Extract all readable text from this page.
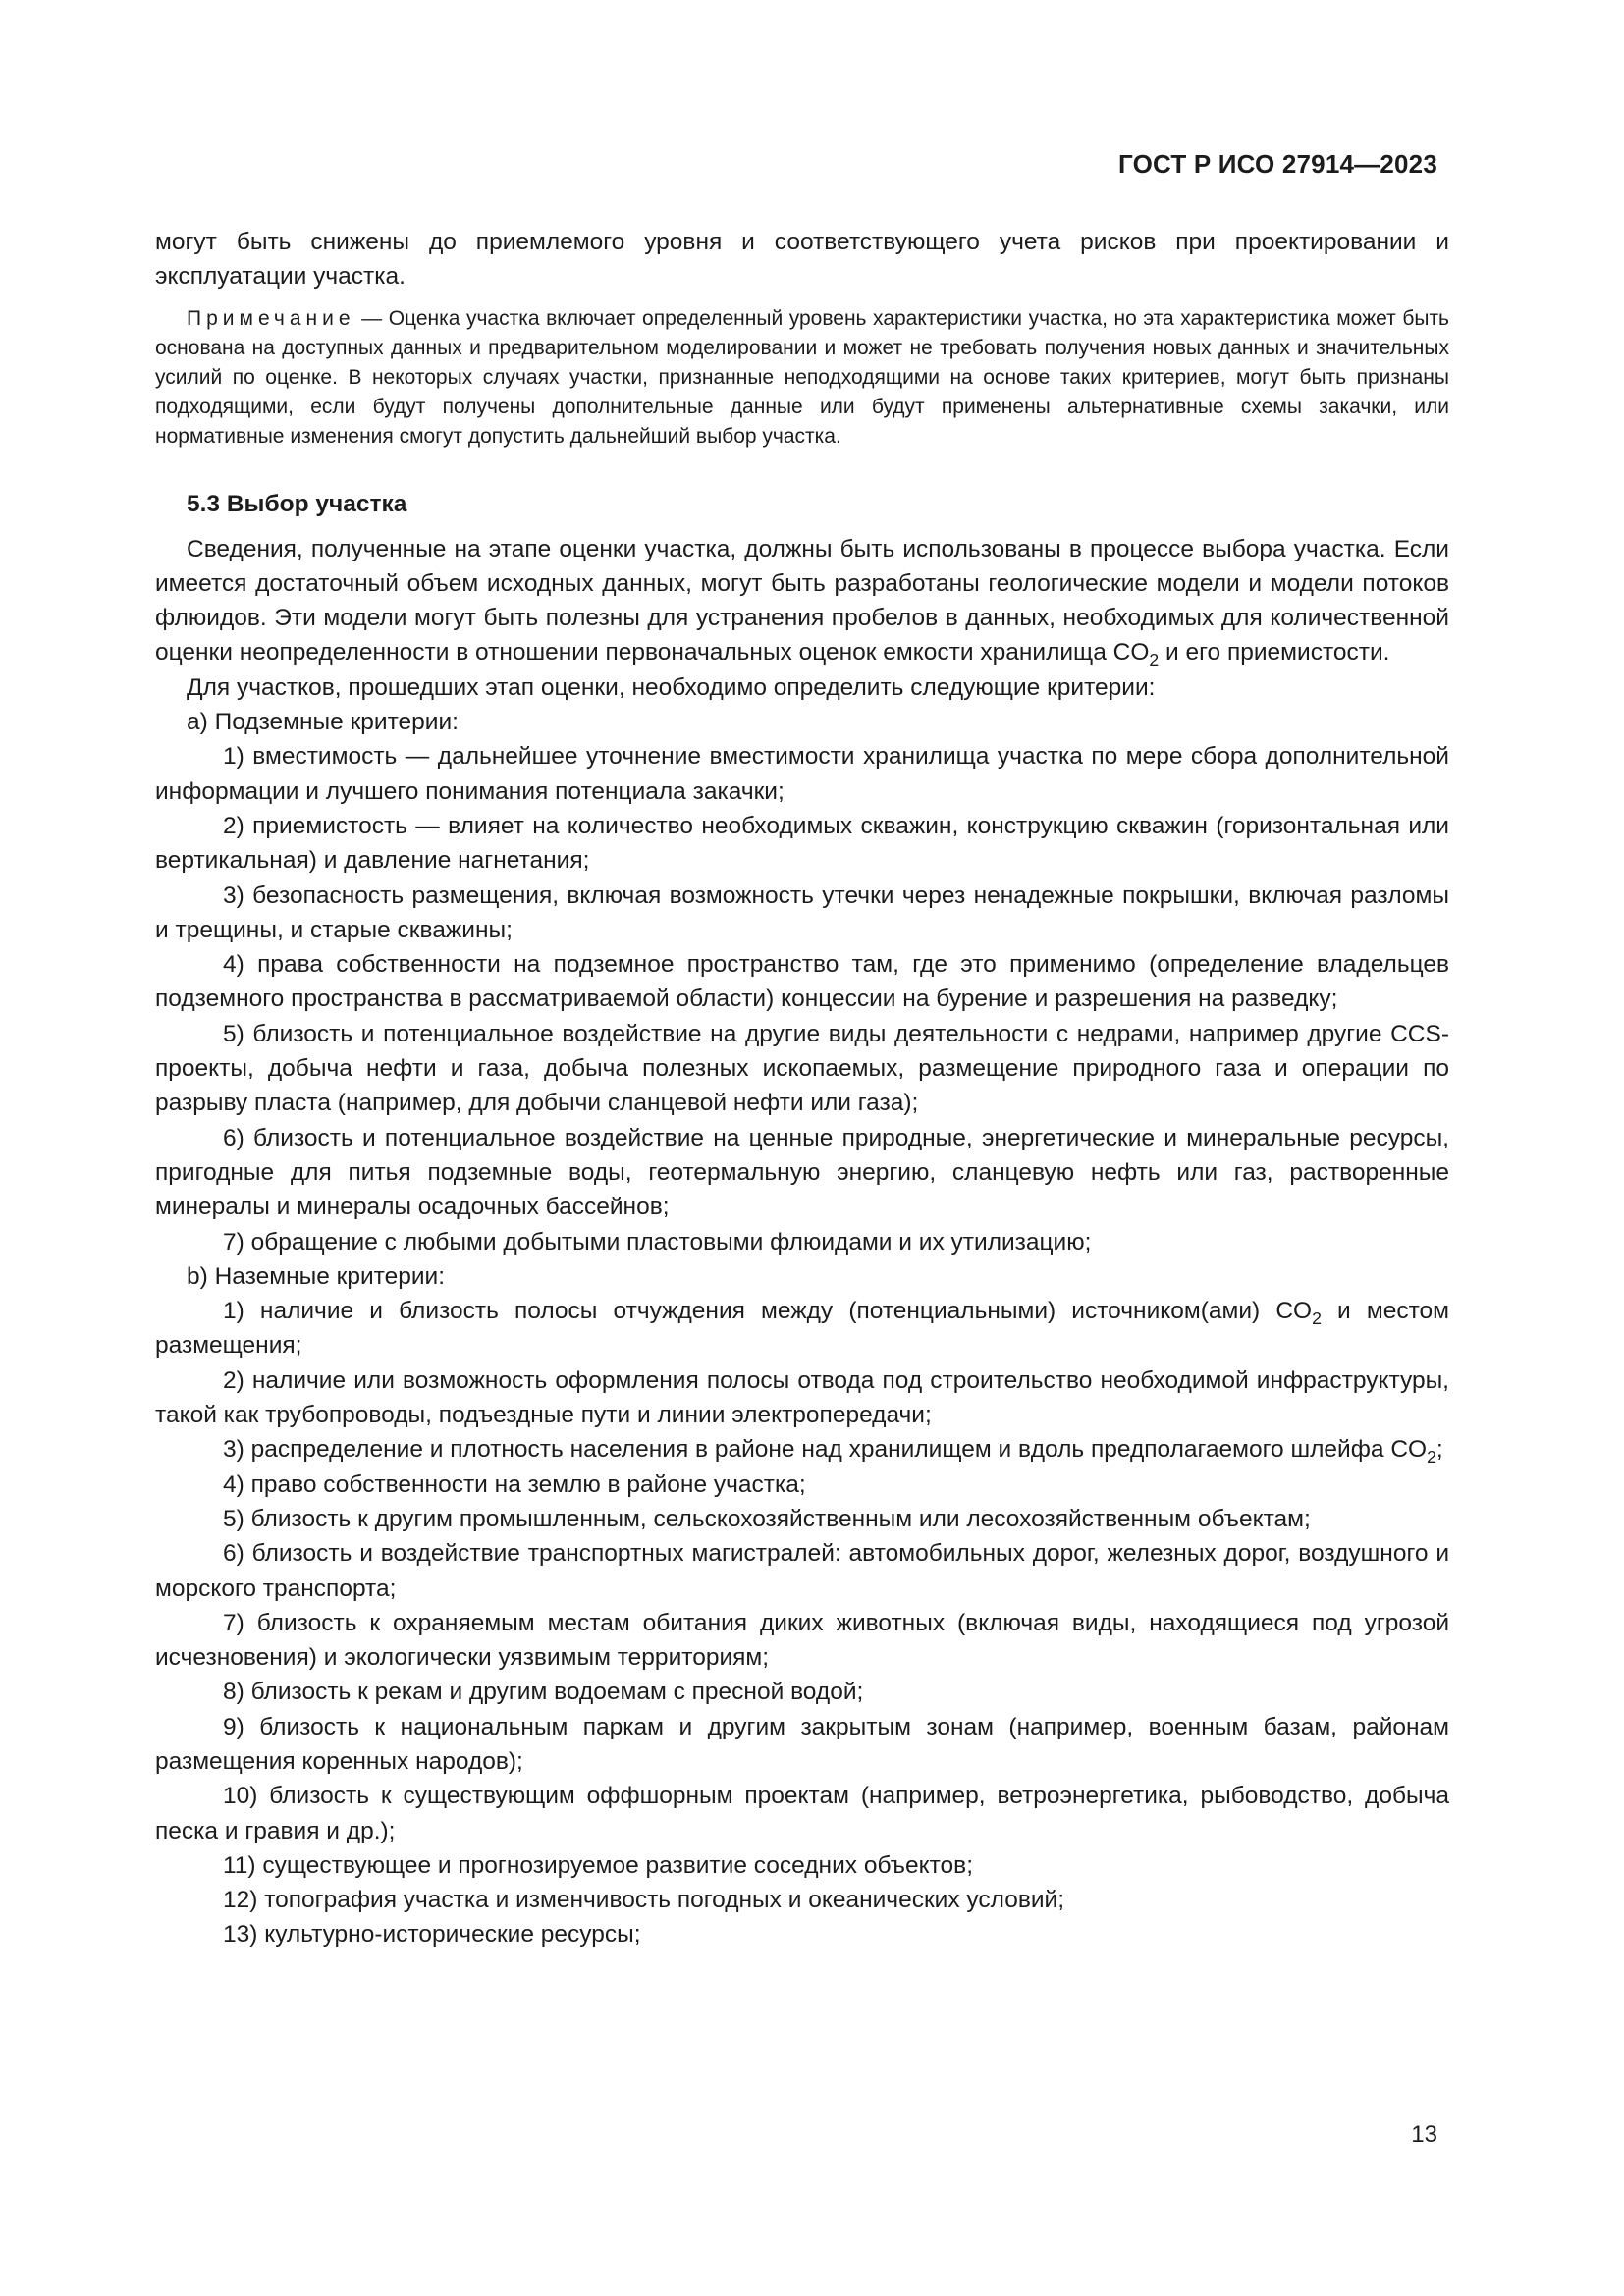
ГОСТ Р ИСО 27914—2023

могут быть снижены до приемлемого уровня и соответствующего учета рисков при проектировании и эксплуатации участка.

Примечание — Оценка участка включает определенный уровень характеристики участка, но эта характеристика может быть основана на доступных данных и предварительном моделировании и может не требовать получения новых данных и значительных усилий по оценке. В некоторых случаях участки, признанные неподходящими на основе таких критериев, могут быть признаны подходящими, если будут получены дополнительные данные или будут применены альтернативные схемы закачки, или нормативные изменения смогут допустить дальнейший выбор участка.

5.3 Выбор участка

Сведения, полученные на этапе оценки участка, должны быть использованы в процессе выбора участка. Если имеется достаточный объем исходных данных, могут быть разработаны геологические модели и модели потоков флюидов. Эти модели могут быть полезны для устранения пробелов в данных, необходимых для количественной оценки неопределенности в отношении первоначальных оценок емкости хранилища $CO_2$ и его приемистости.

Для участков, прошедших этап оценки, необходимо определить следующие критерии:

а) Подземные критерии:

1) вместимость — дальнейшее уточнение вместимости хранилища участка по мере сбора дополнительной информации и лучшего понимания потенциала закачки;

2) приемистость — влияет на количество необходимых скважин, конструкцию скважин (горизонтальная или вертикальная) и давление нагнетания;

3) безопасность размещения, включая возможность утечки через ненадежные покрышки, включая разломы и трещины, и старые скважины;

4) права собственности на подземное пространство там, где это применимо (определение владельцев подземного пространства в рассматриваемой области) концессии на бурение и разрешения на разведку;

5) близость и потенциальное воздействие на другие виды деятельности с недрами, например другие CCS-проекты, добыча нефти и газа, добыча полезных ископаемых, размещение природного газа и операции по разрыву пласта (например, для добычи сланцевой нефти или газа);

6) близость и потенциальное воздействие на ценные природные, энергетические и минеральные ресурсы, пригодные для питья подземные воды, геотермальную энергию, сланцевую нефть или газ, растворенные минералы и минералы осадочных бассейнов;

7) обращение с любыми добытыми пластовыми флюидами и их утилизацию;

b) Наземные критерии:

1) наличие и близость полосы отчуждения между (потенциальными) источником(ами) $CO_2$ и местом размещения;

2) наличие или возможность оформления полосы отвода под строительство необходимой инфраструктуры, такой как трубопроводы, подъездные пути и линии электропередачи;

3) распределение и плотность населения в районе над хранилищем и вдоль предполагаемого шлейфа $CO_2$;

4) право собственности на землю в районе участка;

5) близость к другим промышленным, сельскохозяйственным или лесохозяйственным объектам;

6) близость и воздействие транспортных магистралей: автомобильных дорог, железных дорог, воздушного и морского транспорта;

7) близость к охраняемым местам обитания диких животных (включая виды, находящиеся под угрозой исчезновения) и экологически уязвимым территориям;

8) близость к рекам и другим водоемам с пресной водой;

9) близость к национальным паркам и другим закрытым зонам (например, военным базам, районам размещения коренных народов);

10) близость к существующим оффшорным проектам (например, ветроэнергетика, рыбоводство, добыча песка и гравия и др.);

11) существующее и прогнозируемое развитие соседних объектов;

12) топография участка и изменчивость погодных и океанических условий;

13) культурно-исторические ресурсы;

13
